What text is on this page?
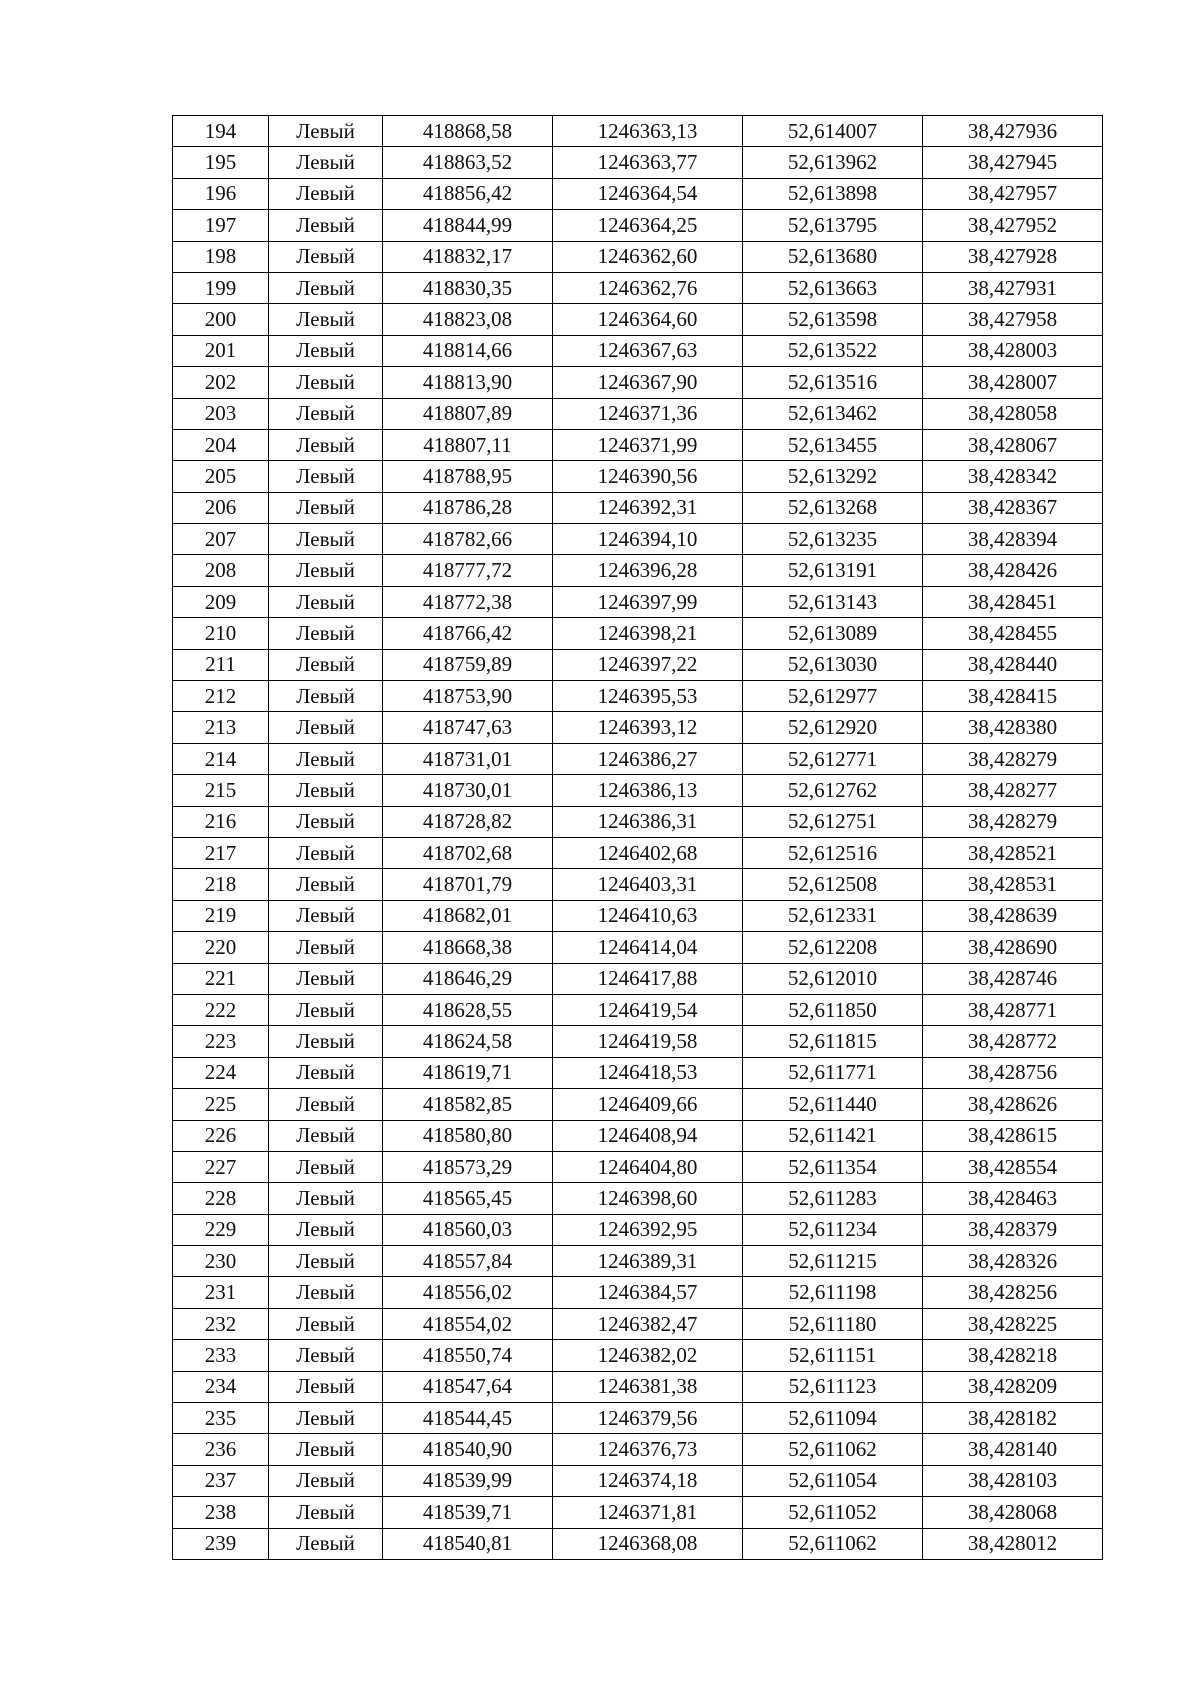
194	Левый	418868,58	1246363,13	52,614007	38,427936
195	Левый	418863,52	1246363,77	52,613962	38,427945
196	Левый	418856,42	1246364,54	52,613898	38,427957
197	Левый	418844,99	1246364,25	52,613795	38,427952
198	Левый	418832,17	1246362,60	52,613680	38,427928
199	Левый	418830,35	1246362,76	52,613663	38,427931
200	Левый	418823,08	1246364,60	52,613598	38,427958
201	Левый	418814,66	1246367,63	52,613522	38,428003
202	Левый	418813,90	1246367,90	52,613516	38,428007
203	Левый	418807,89	1246371,36	52,613462	38,428058
204	Левый	418807,11	1246371,99	52,613455	38,428067
205	Левый	418788,95	1246390,56	52,613292	38,428342
206	Левый	418786,28	1246392,31	52,613268	38,428367
207	Левый	418782,66	1246394,10	52,613235	38,428394
208	Левый	418777,72	1246396,28	52,613191	38,428426
209	Левый	418772,38	1246397,99	52,613143	38,428451
210	Левый	418766,42	1246398,21	52,613089	38,428455
211	Левый	418759,89	1246397,22	52,613030	38,428440
212	Левый	418753,90	1246395,53	52,612977	38,428415
213	Левый	418747,63	1246393,12	52,612920	38,428380
214	Левый	418731,01	1246386,27	52,612771	38,428279
215	Левый	418730,01	1246386,13	52,612762	38,428277
216	Левый	418728,82	1246386,31	52,612751	38,428279
217	Левый	418702,68	1246402,68	52,612516	38,428521
218	Левый	418701,79	1246403,31	52,612508	38,428531
219	Левый	418682,01	1246410,63	52,612331	38,428639
220	Левый	418668,38	1246414,04	52,612208	38,428690
221	Левый	418646,29	1246417,88	52,612010	38,428746
222	Левый	418628,55	1246419,54	52,611850	38,428771
223	Левый	418624,58	1246419,58	52,611815	38,428772
224	Левый	418619,71	1246418,53	52,611771	38,428756
225	Левый	418582,85	1246409,66	52,611440	38,428626
226	Левый	418580,80	1246408,94	52,611421	38,428615
227	Левый	418573,29	1246404,80	52,611354	38,428554
228	Левый	418565,45	1246398,60	52,611283	38,428463
229	Левый	418560,03	1246392,95	52,611234	38,428379
230	Левый	418557,84	1246389,31	52,611215	38,428326
231	Левый	418556,02	1246384,57	52,611198	38,428256
232	Левый	418554,02	1246382,47	52,611180	38,428225
233	Левый	418550,74	1246382,02	52,611151	38,428218
234	Левый	418547,64	1246381,38	52,611123	38,428209
235	Левый	418544,45	1246379,56	52,611094	38,428182
236	Левый	418540,90	1246376,73	52,611062	38,428140
237	Левый	418539,99	1246374,18	52,611054	38,428103
238	Левый	418539,71	1246371,81	52,611052	38,428068
239	Левый	418540,81	1246368,08	52,611062	38,428012
